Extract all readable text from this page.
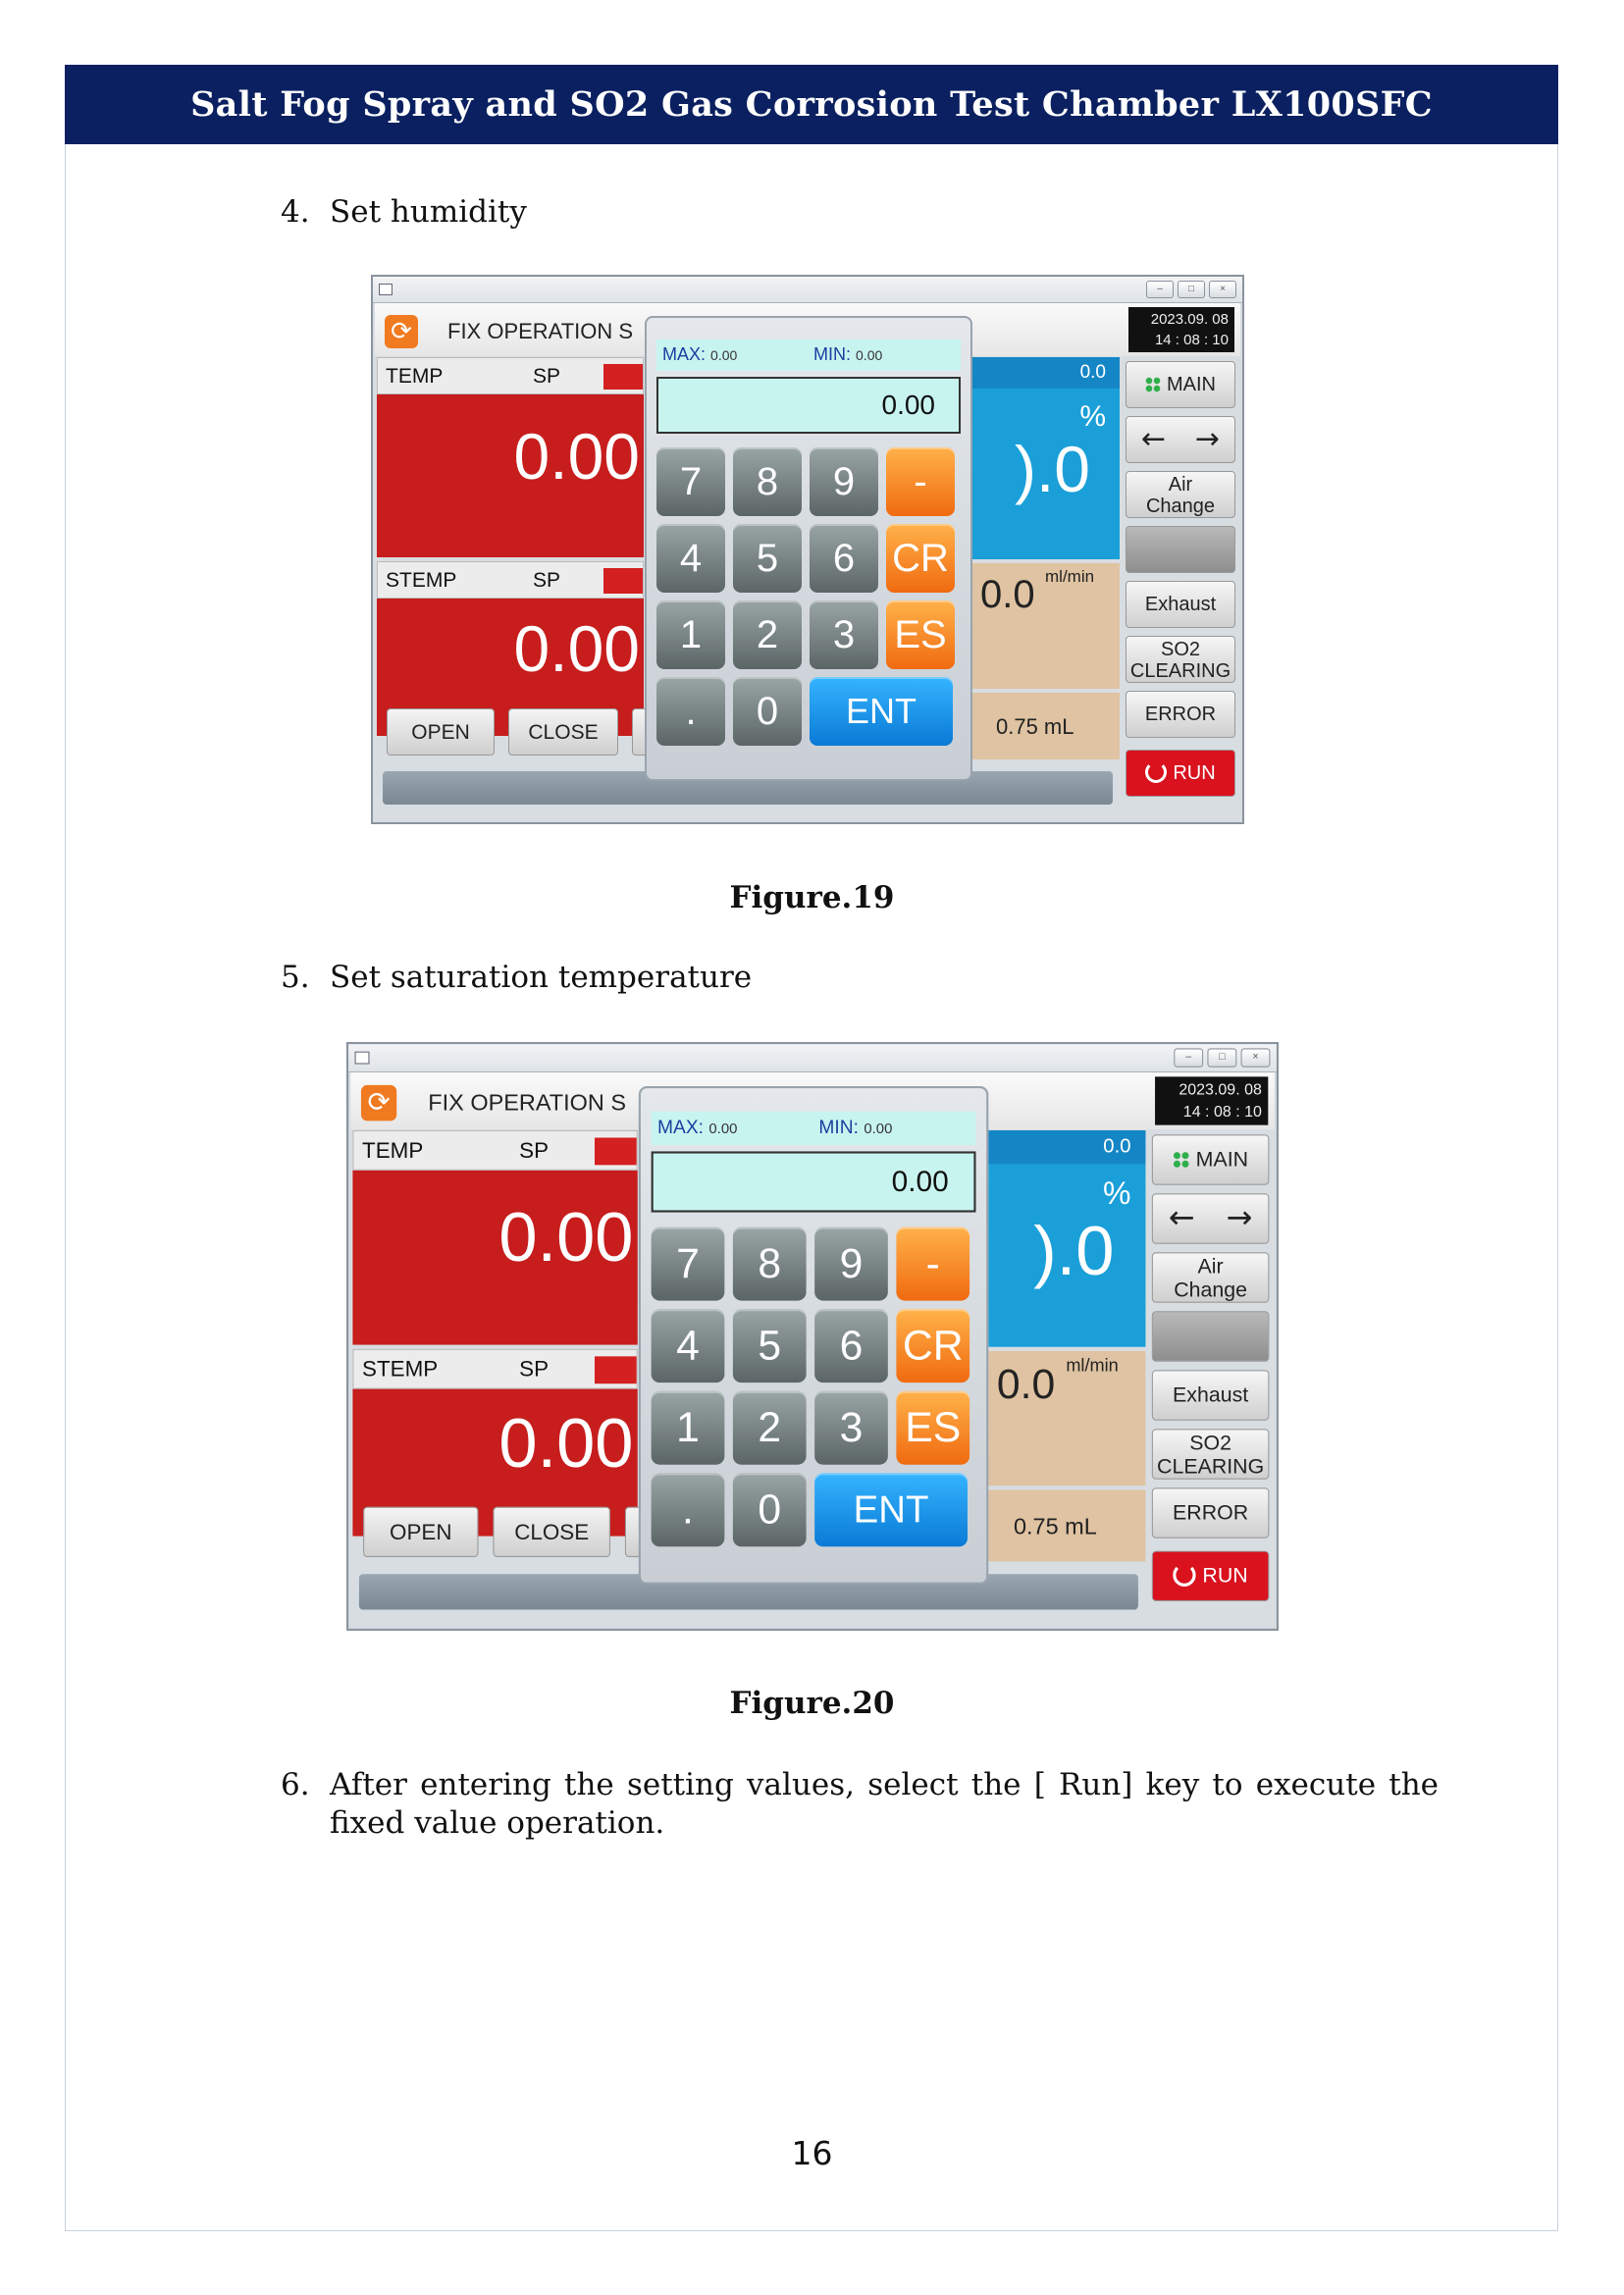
Salt Fog Spray and SO2 Gas Corrosion Test Chamber LX100SFC
4. Set humidity
–	□	×
⟳ FIX OPERATION S	2023.09. 08
14 : 08 : 10
TEMP	SP
0.00
STEMP	SP
0.00
OPEN	CLOSE
0.0
%
).0
0.0 ml/min
0.75 mL
MAIN
← →
Air
Change
Exhaust
SO2
CLEARING
ERROR
RUN
MAX: 0.00	MIN: 0.00
0.00
7	8	9	-
4	5	6 CR
1	2	3	ES
.	0	ENT
Figure.19
5. Set saturation temperature
–	□	×
⟳ FIX OPERATION S	2023.09. 08
14 : 08 : 10
TEMP	SP
0.00
STEMP	SP
0.00
OPEN	CLOSE
0.0
%
).0
0.0 ml/min
0.75 mL
MAIN
← →
Air
Change
Exhaust
SO2
CLEARING
ERROR
RUN
MAX: 0.00	MIN: 0.00
0.00
7	8	9	-
4	5	6	CR
1	2	3	ES
.	0	ENT
Figure.20
6. After entering the setting values, select the [ Run] key to execute the fixed value operation.
16
